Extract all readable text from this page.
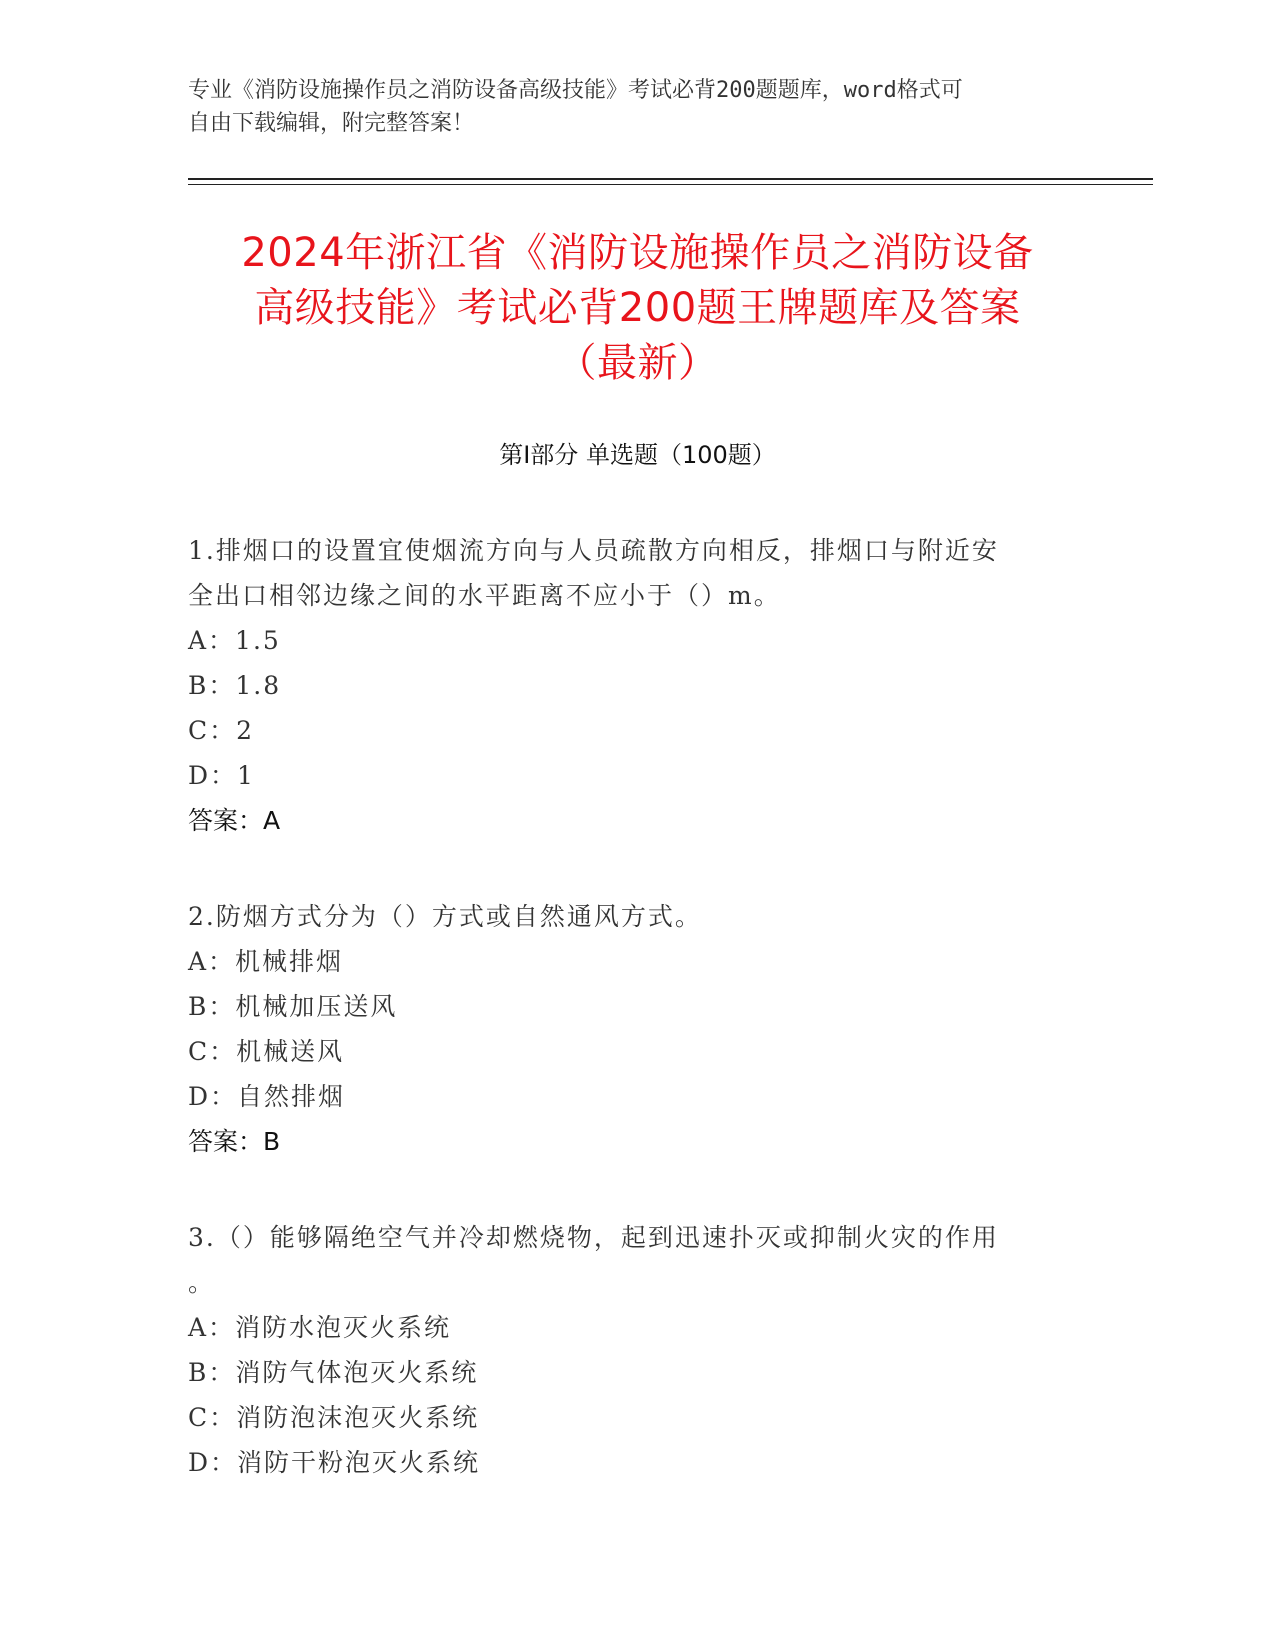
专业《消防设施操作员之消防设备高级技能》考试必背200题题库，word格式可
自由下载编辑，附完整答案！
2024年浙江省《消防设施操作员之消防设备
高级技能》考试必背200题王牌题库及答案
（最新）
第I部分 单选题（100题）
1.排烟口的设置宜使烟流方向与人员疏散方向相反，排烟口与附近安
全出口相邻边缘之间的水平距离不应小于（）m。
A：1.5
B：1.8
C：2
D：1
答案：A
2.防烟方式分为（）方式或自然通风方式。
A：机械排烟
B：机械加压送风
C：机械送风
D：自然排烟
答案：B
3.（）能够隔绝空气并冷却燃烧物，起到迅速扑灭或抑制火灾的作用
。
A：消防水泡灭火系统
B：消防气体泡灭火系统
C：消防泡沫泡灭火系统
D：消防干粉泡灭火系统
